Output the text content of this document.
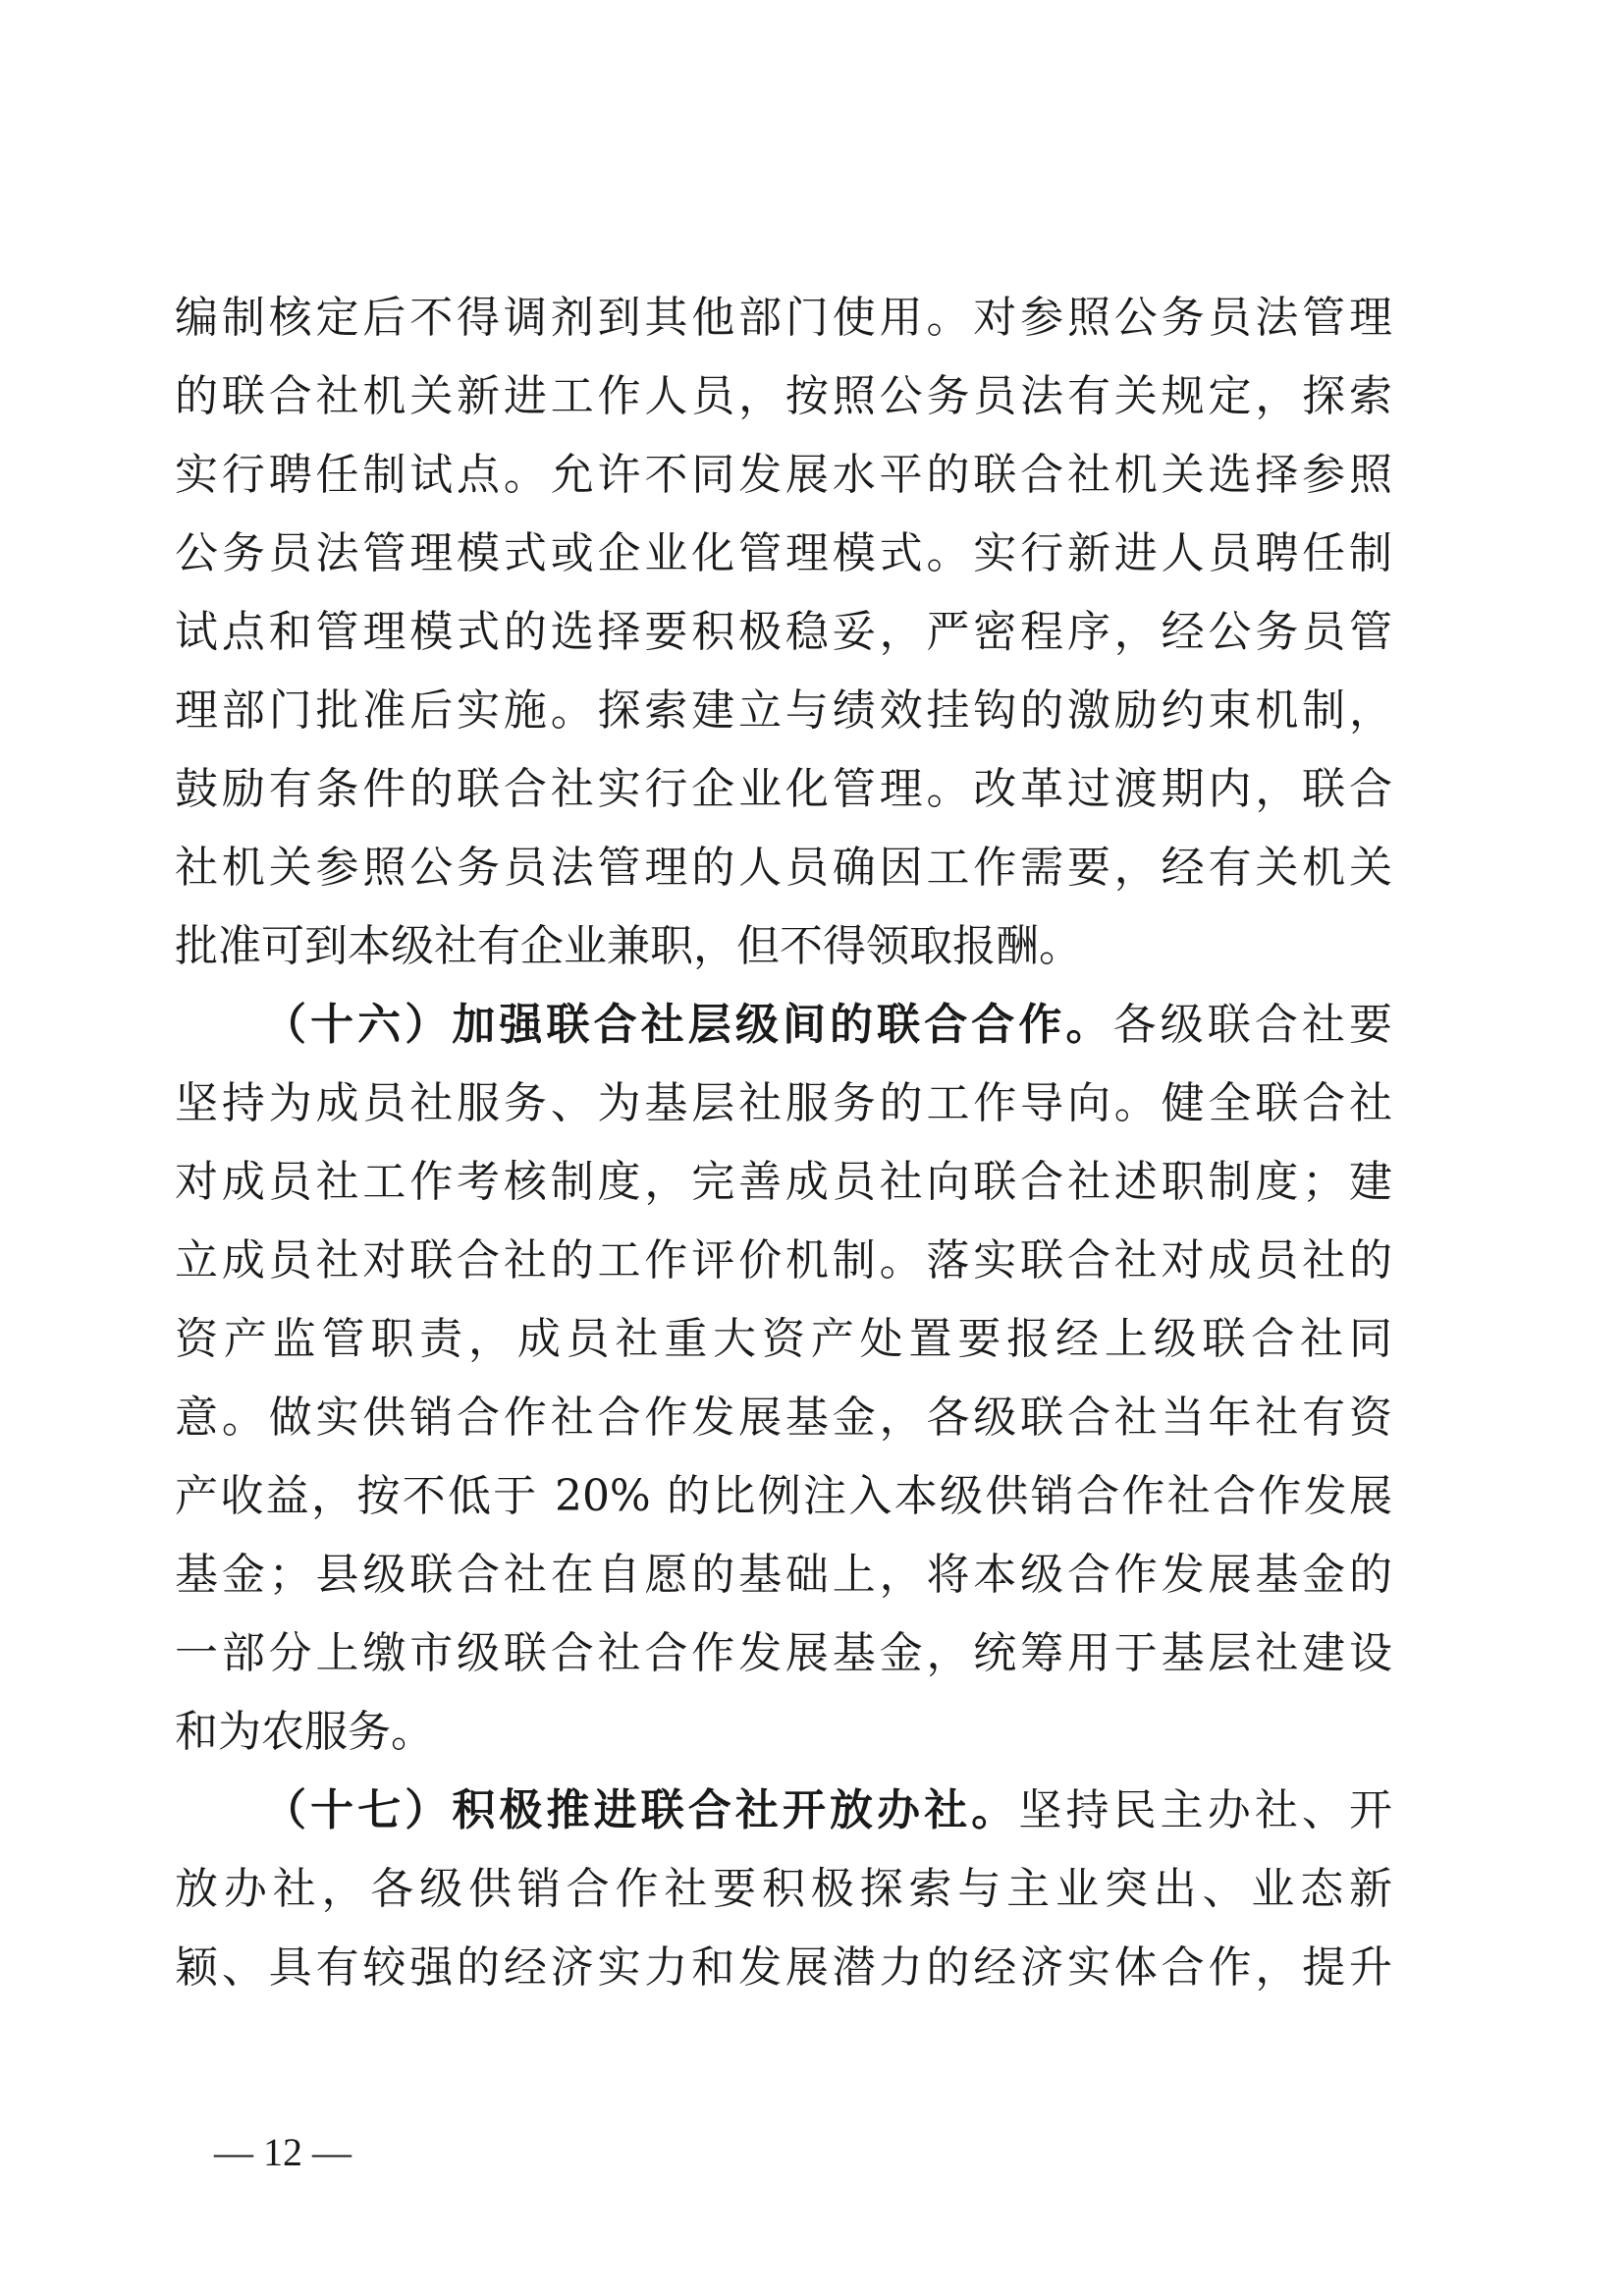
编制核定后不得调剂到其他部门使用。对参照公务员法管理
的联合社机关新进工作人员，按照公务员法有关规定，探索
实行聘任制试点。允许不同发展水平的联合社机关选择参照
公务员法管理模式或企业化管理模式。实行新进人员聘任制
试点和管理模式的选择要积极稳妥，严密程序，经公务员管
理部门批准后实施。探索建立与绩效挂钩的激励约束机制，
鼓励有条件的联合社实行企业化管理。改革过渡期内，联合
社机关参照公务员法管理的人员确因工作需要，经有关机关
批准可到本级社有企业兼职，但不得领取报酬。
（十六）加强联合社层级间的联合合作。各级联合社要
坚持为成员社服务、为基层社服务的工作导向。健全联合社
对成员社工作考核制度，完善成员社向联合社述职制度；建
立成员社对联合社的工作评价机制。落实联合社对成员社的
资产监管职责，成员社重大资产处置要报经上级联合社同
意。做实供销合作社合作发展基金，各级联合社当年社有资
产收益，按不低于 20% 的比例注入本级供销合作社合作发展
基金；县级联合社在自愿的基础上，将本级合作发展基金的
一部分上缴市级联合社合作发展基金，统筹用于基层社建设
和为农服务。
（十七）积极推进联合社开放办社。坚持民主办社、开
放办社，各级供销合作社要积极探索与主业突出、业态新
颖、具有较强的经济实力和发展潜力的经济实体合作，提升
— 12 —
